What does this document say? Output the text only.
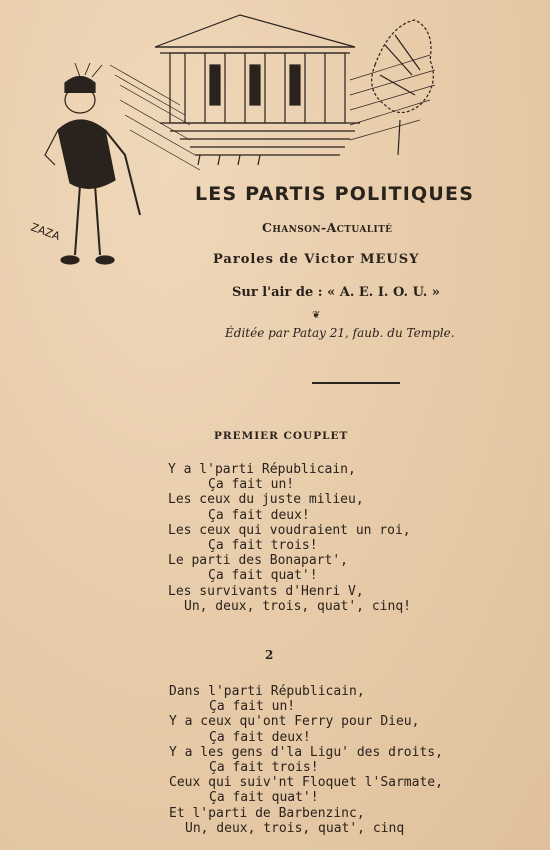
ZAZA
LES PARTIS POLITIQUES
Chanson-Actualité
Paroles de Victor MEUSY
Sur l'air de : « A. E. I. O. U. »
❦
Éditée par Patay 21, faub. du Temple.
PREMIER COUPLET
Y a l'parti Républicain,
Ça fait un!
Les ceux du juste milieu,
Ça fait deux!
Les ceux qui voudraient un roi,
Ça fait trois!
Le parti des Bonapart',
Ça fait quat'!
Les survivants d'Henri V,
Un, deux, trois, quat', cinq!
2
Dans l'parti Républicain,
Ça fait un!
Y a ceux qu'ont Ferry pour Dieu,
Ça fait deux!
Y a les gens d'la Ligu' des droits,
Ça fait trois!
Ceux qui suiv'nt Floquet l'Sarmate,
Ça fait quat'!
Et l'parti de Barbenzinc,
Un, deux, trois, quat', cinq
